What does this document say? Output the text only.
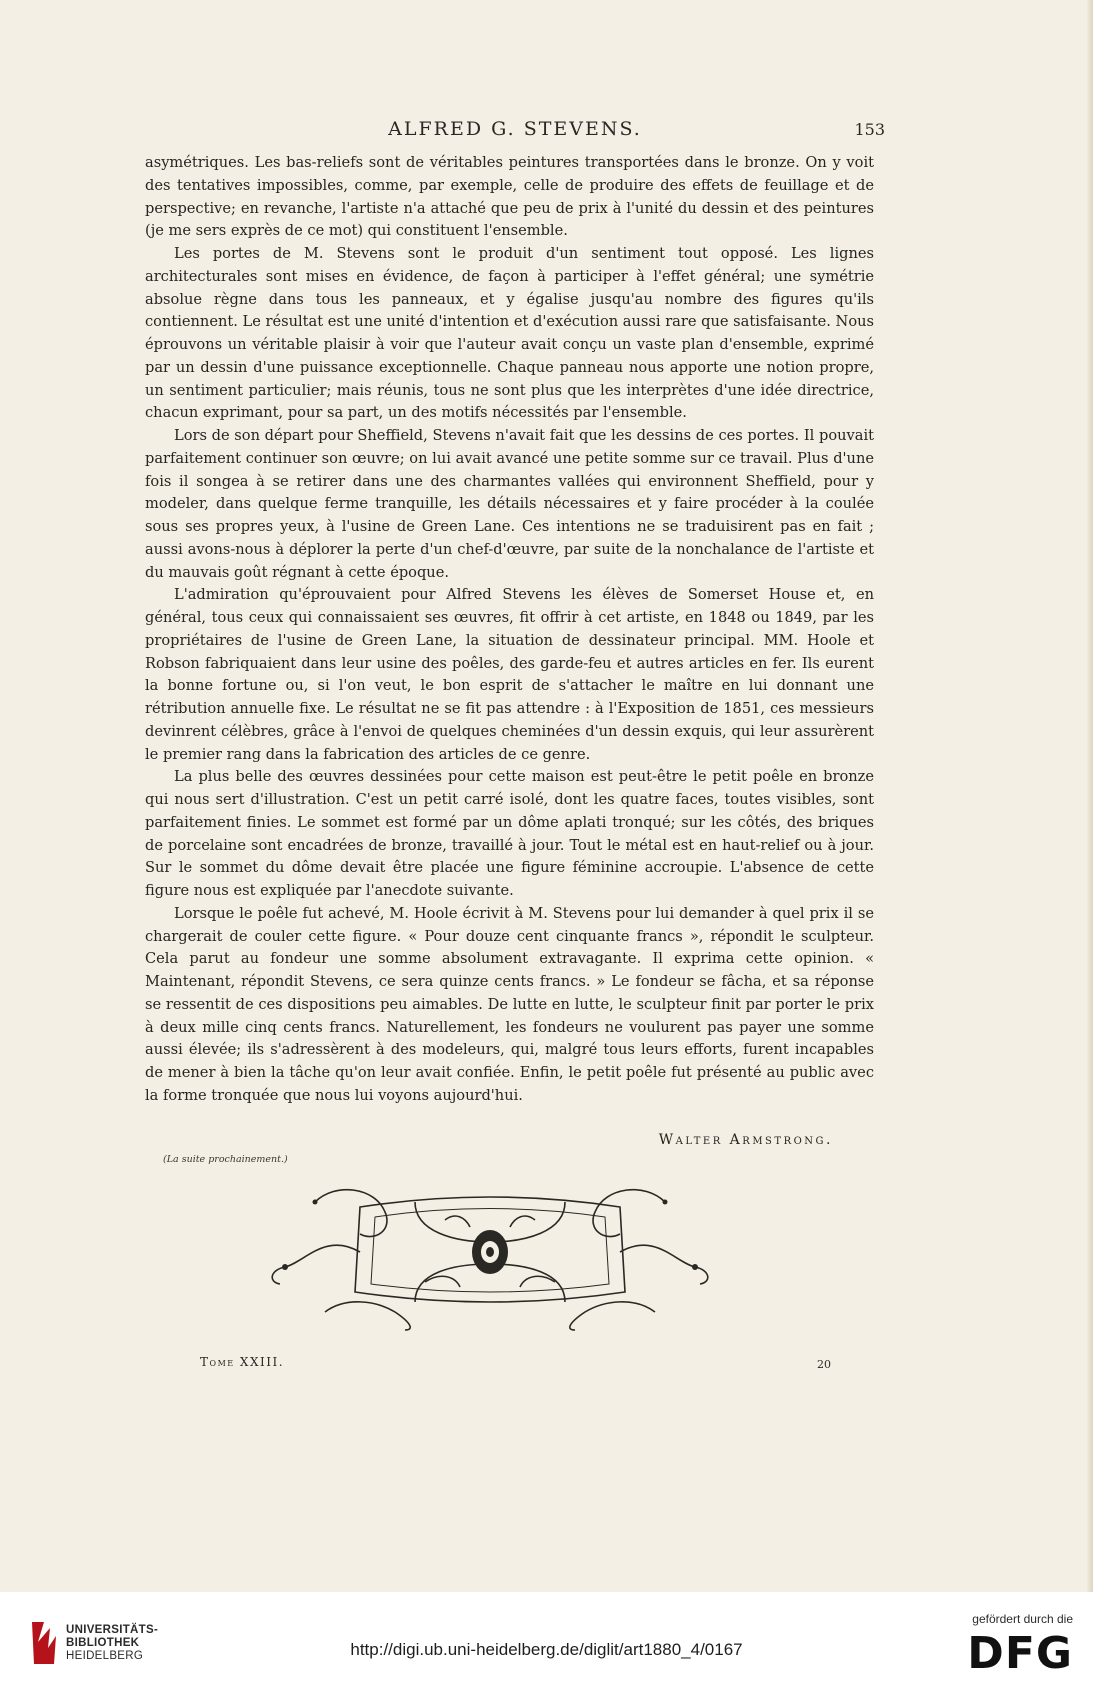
ALFRED G. STEVENS.	153

asymétriques. Les bas-reliefs sont de véritables peintures transportées dans le bronze. On y voit des tentatives impossibles, comme, par exemple, celle de produire des effets de feuillage et de perspective; en revanche, l'artiste n'a attaché que peu de prix à l'unité du dessin et des peintures (je me sers exprès de ce mot) qui constituent l'ensemble.

Les portes de M. Stevens sont le produit d'un sentiment tout opposé. Les lignes architecturales sont mises en évidence, de façon à participer à l'effet général; une symétrie absolue règne dans tous les panneaux, et y égalise jusqu'au nombre des figures qu'ils contiennent. Le résultat est une unité d'intention et d'exécution aussi rare que satisfaisante. Nous éprouvons un véritable plaisir à voir que l'auteur avait conçu un vaste plan d'ensemble, exprimé par un dessin d'une puissance exceptionnelle. Chaque panneau nous apporte une notion propre, un sentiment particulier; mais réunis, tous ne sont plus que les interprètes d'une idée directrice, chacun exprimant, pour sa part, un des motifs nécessités par l'ensemble.

Lors de son départ pour Sheffield, Stevens n'avait fait que les dessins de ces portes. Il pouvait parfaitement continuer son œuvre; on lui avait avancé une petite somme sur ce travail. Plus d'une fois il songea à se retirer dans une des charmantes vallées qui environnent Sheffield, pour y modeler, dans quelque ferme tranquille, les détails nécessaires et y faire procéder à la coulée sous ses propres yeux, à l'usine de Green Lane. Ces intentions ne se traduisirent pas en fait ; aussi avons-nous à déplorer la perte d'un chef-d'œuvre, par suite de la nonchalance de l'artiste et du mauvais goût régnant à cette époque.

L'admiration qu'éprouvaient pour Alfred Stevens les élèves de Somerset House et, en général, tous ceux qui connaissaient ses œuvres, fit offrir à cet artiste, en 1848 ou 1849, par les propriétaires de l'usine de Green Lane, la situation de dessinateur principal. MM. Hoole et Robson fabriquaient dans leur usine des poêles, des garde-feu et autres articles en fer. Ils eurent la bonne fortune ou, si l'on veut, le bon esprit de s'attacher le maître en lui donnant une rétribution annuelle fixe. Le résultat ne se fit pas attendre : à l'Exposition de 1851, ces messieurs devinrent célèbres, grâce à l'envoi de quelques cheminées d'un dessin exquis, qui leur assurèrent le premier rang dans la fabrication des articles de ce genre.

La plus belle des œuvres dessinées pour cette maison est peut-être le petit poêle en bronze qui nous sert d'illustration. C'est un petit carré isolé, dont les quatre faces, toutes visibles, sont parfaitement finies. Le sommet est formé par un dôme aplati tronqué; sur les côtés, des briques de porcelaine sont encadrées de bronze, travaillé à jour. Tout le métal est en haut-relief ou à jour. Sur le sommet du dôme devait être placée une figure féminine accroupie. L'absence de cette figure nous est expliquée par l'anecdote suivante.

Lorsque le poêle fut achevé, M. Hoole écrivit à M. Stevens pour lui demander à quel prix il se chargerait de couler cette figure. « Pour douze cent cinquante francs », répondit le sculpteur. Cela parut au fondeur une somme absolument extravagante. Il exprima cette opinion. « Maintenant, répondit Stevens, ce sera quinze cents francs. » Le fondeur se fâcha, et sa réponse se ressentit de ces dispositions peu aimables. De lutte en lutte, le sculpteur finit par porter le prix à deux mille cinq cents francs. Naturellement, les fondeurs ne voulurent pas payer une somme aussi élevée; ils s'adressèrent à des modeleurs, qui, malgré tous leurs efforts, furent incapables de mener à bien la tâche qu'on leur avait confiée. Enfin, le petit poêle fut présenté au public avec la forme tronquée que nous lui voyons aujourd'hui.

Walter Armstrong.
(La suite prochainement.)
Tome XXIII.	20
UNIVERSITÄTS-
BIBLIOTHEK
HEIDELBERG	http://digi.ub.uni-heidelberg.de/diglit/art1880_4/0167
gefördert durch die
DFG
